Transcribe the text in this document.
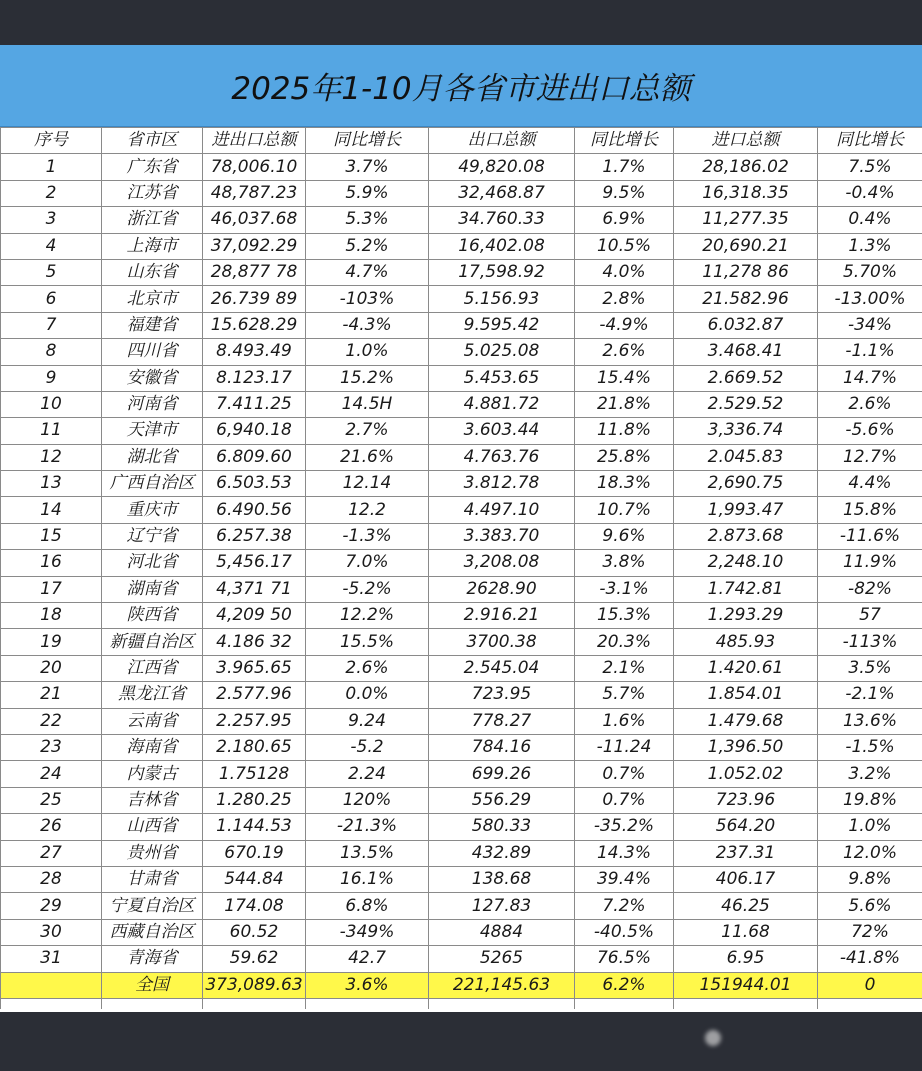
2025年1-10月各省市进出口总额
序号	省市区	进出口总额	同比增长	出口总额	同比增长	进口总额	同比增长
1	广东省	78,006.10	3.7%	49,820.08	1.7%	28,186.02	7.5%
2	江苏省	48,787.23	5.9%	32,468.87	9.5%	16,318.35	-0.4%
3	浙江省	46,037.68	5.3%	34.760.33	6.9%	11,277.35	0.4%
4	上海市	37,092.29	5.2%	16,402.08	10.5%	20,690.21	1.3%
5	山东省	28,877 78	4.7%	17,598.92	4.0%	11,278 86	5.70%
6	北京市	26.739 89	-103%	5.156.93	2.8%	21.582.96	-13.00%
7	福建省	15.628.29	-4.3%	9.595.42	-4.9%	6.032.87	-34%
8	四川省	8.493.49	1.0%	5.025.08	2.6%	3.468.41	-1.1%
9	安徽省	8.123.17	15.2%	5.453.65	15.4%	2.669.52	14.7%
10	河南省	7.411.25	14.5H	4.881.72	21.8%	2.529.52	2.6%
11	天津市	6,940.18	2.7%	3.603.44	11.8%	3,336.74	-5.6%
12	湖北省	6.809.60	21.6%	4.763.76	25.8%	2.045.83	12.7%
13	广西自治区	6.503.53	12.14	3.812.78	18.3%	2,690.75	4.4%
14	重庆市	6.490.56	12.2	4.497.10	10.7%	1,993.47	15.8%
15	辽宁省	6.257.38	-1.3%	3.383.70	9.6%	2.873.68	-11.6%
16	河北省	5,456.17	7.0%	3,208.08	3.8%	2,248.10	11.9%
17	湖南省	4,371 71	-5.2%	2628.90	-3.1%	1.742.81	-82%
18	陕西省	4,209 50	12.2%	2.916.21	15.3%	1.293.29	57
19	新疆自治区	4.186 32	15.5%	3700.38	20.3%	485.93	-113%
20	江西省	3.965.65	2.6%	2.545.04	2.1%	1.420.61	3.5%
21	黑龙江省	2.577.96	0.0%	723.95	5.7%	1.854.01	-2.1%
22	云南省	2.257.95	9.24	778.27	1.6%	1.479.68	13.6%
23	海南省	2.180.65	-5.2	784.16	-11.24	1,396.50	-1.5%
24	内蒙古	1.75128	2.24	699.26	0.7%	1.052.02	3.2%
25	吉林省	1.280.25	120%	556.29	0.7%	723.96	19.8%
26	山西省	1.144.53	-21.3%	580.33	-35.2%	564.20	1.0%
27	贵州省	670.19	13.5%	432.89	14.3%	237.31	12.0%
28	甘肃省	544.84	16.1%	138.68	39.4%	406.17	9.8%
29	宁夏自治区	174.08	6.8%	127.83	7.2%	46.25	5.6%
30	西藏自治区	60.52	-349%	4884	-40.5%	11.68	72%
31	青海省	59.62	42.7	5265	76.5%	6.95	-41.8%
	全国	373,089.63	3.6%	221,145.63	6.2%	151944.01	0
